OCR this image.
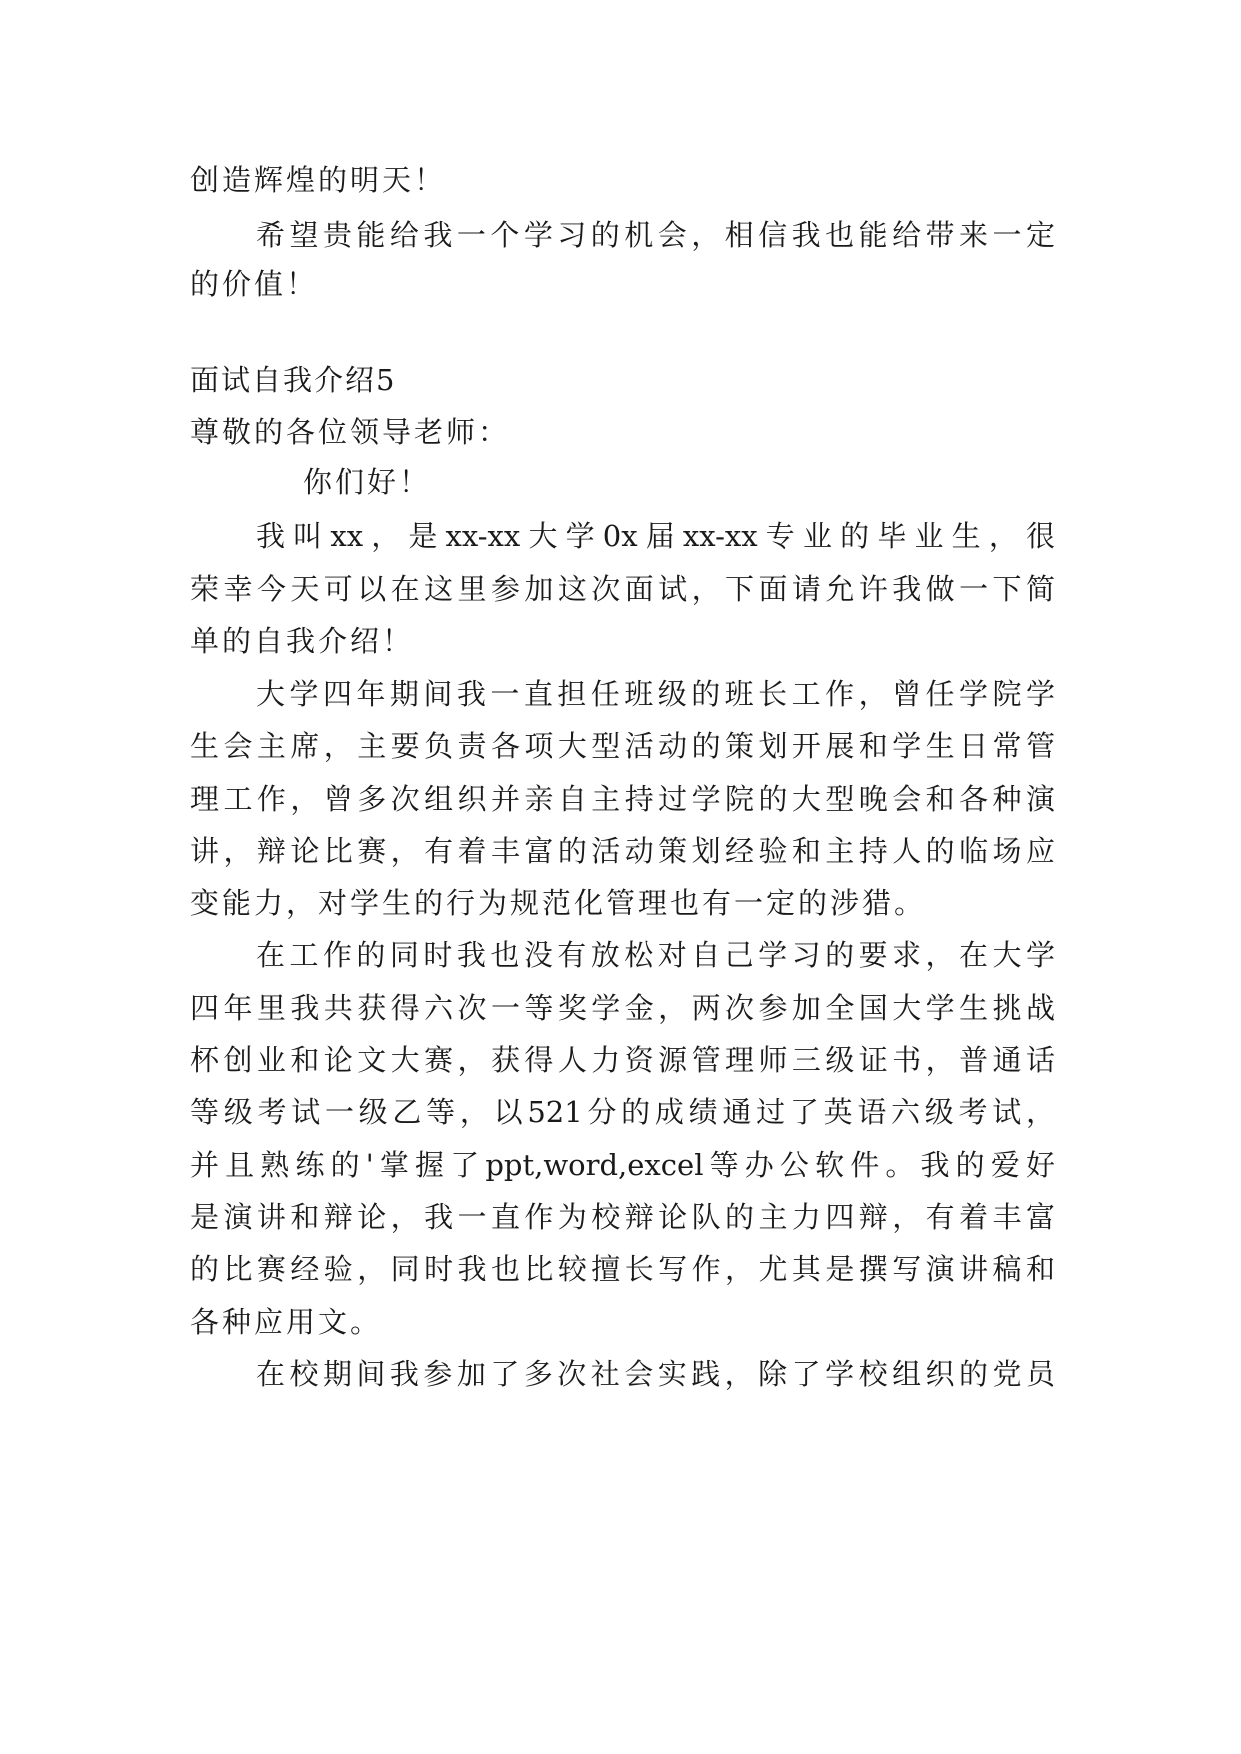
创造辉煌的明天！
希望贵能给我一个学习的机会，相信我也能给带来一定
的价值！
面试自我介绍5
尊敬的各位领导老师：
你们好！
我叫xx，是xx-xx大学0x届xx-xx专业的毕业生，很
荣幸今天可以在这里参加这次面试，下面请允许我做一下简
单的自我介绍！
大学四年期间我一直担任班级的班长工作，曾任学院学
生会主席，主要负责各项大型活动的策划开展和学生日常管
理工作，曾多次组织并亲自主持过学院的大型晚会和各种演
讲，辩论比赛，有着丰富的活动策划经验和主持人的临场应
变能力，对学生的行为规范化管理也有一定的涉猎。
在工作的同时我也没有放松对自己学习的要求，在大学
四年里我共获得六次一等奖学金，两次参加全国大学生挑战
杯创业和论文大赛，获得人力资源管理师三级证书，普通话
等级考试一级乙等，以521分的成绩通过了英语六级考试，
并且熟练的'掌握了ppt,word,excel等办公软件。我的爱好
是演讲和辩论，我一直作为校辩论队的主力四辩，有着丰富
的比赛经验，同时我也比较擅长写作，尤其是撰写演讲稿和
各种应用文。
在校期间我参加了多次社会实践，除了学校组织的党员
